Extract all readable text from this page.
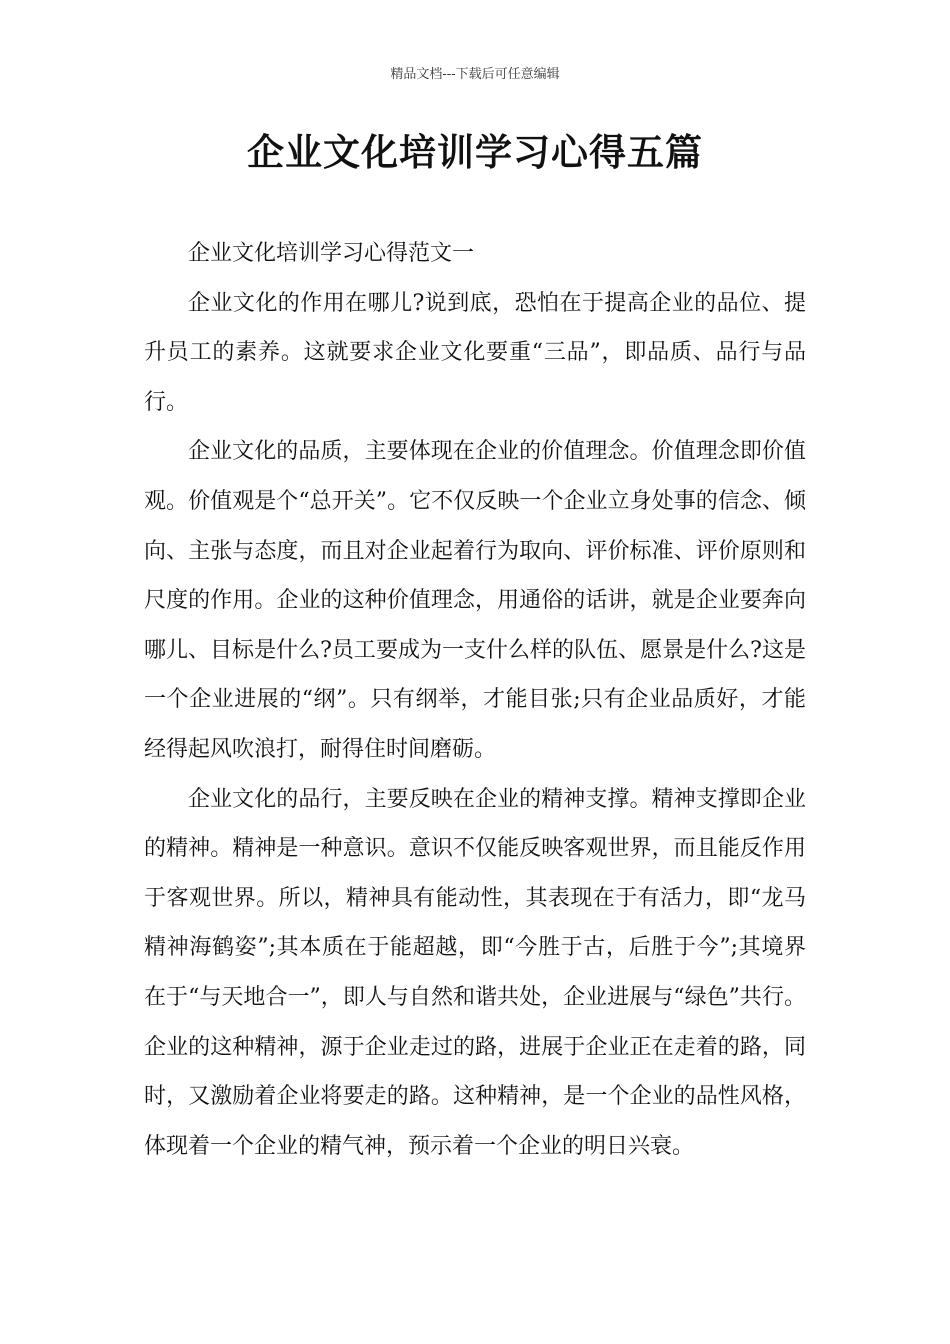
精品文档---下载后可任意编辑
企业文化培训学习心得五篇

企业文化培训学习心得范文一

企业文化的作用在哪儿?说到底，恐怕在于提高企业的品位、提升员工的素养。这就要求企业文化要重“三品”，即品质、品行与品行。

企业文化的品质，主要体现在企业的价值理念。价值理念即价值观。价值观是个“总开关”。它不仅反映一个企业立身处事的信念、倾向、主张与态度，而且对企业起着行为取向、评价标准、评价原则和尺度的作用。企业的这种价值理念，用通俗的话讲，就是企业要奔向哪儿、目标是什么?员工要成为一支什么样的队伍、愿景是什么?这是一个企业进展的“纲”。只有纲举，才能目张;只有企业品质好，才能经得起风吹浪打，耐得住时间磨砺。

企业文化的品行，主要反映在企业的精神支撑。精神支撑即企业的精神。精神是一种意识。意识不仅能反映客观世界，而且能反作用于客观世界。所以，精神具有能动性，其表现在于有活力，即“龙马精神海鹤姿”;其本质在于能超越，即“今胜于古，后胜于今”;其境界在于“与天地合一”，即人与自然和谐共处，企业进展与“绿色”共行。企业的这种精神，源于企业走过的路，进展于企业正在走着的路，同时，又激励着企业将要走的路。这种精神，是一个企业的品性风格，体现着一个企业的精气神，预示着一个企业的明日兴衰。
